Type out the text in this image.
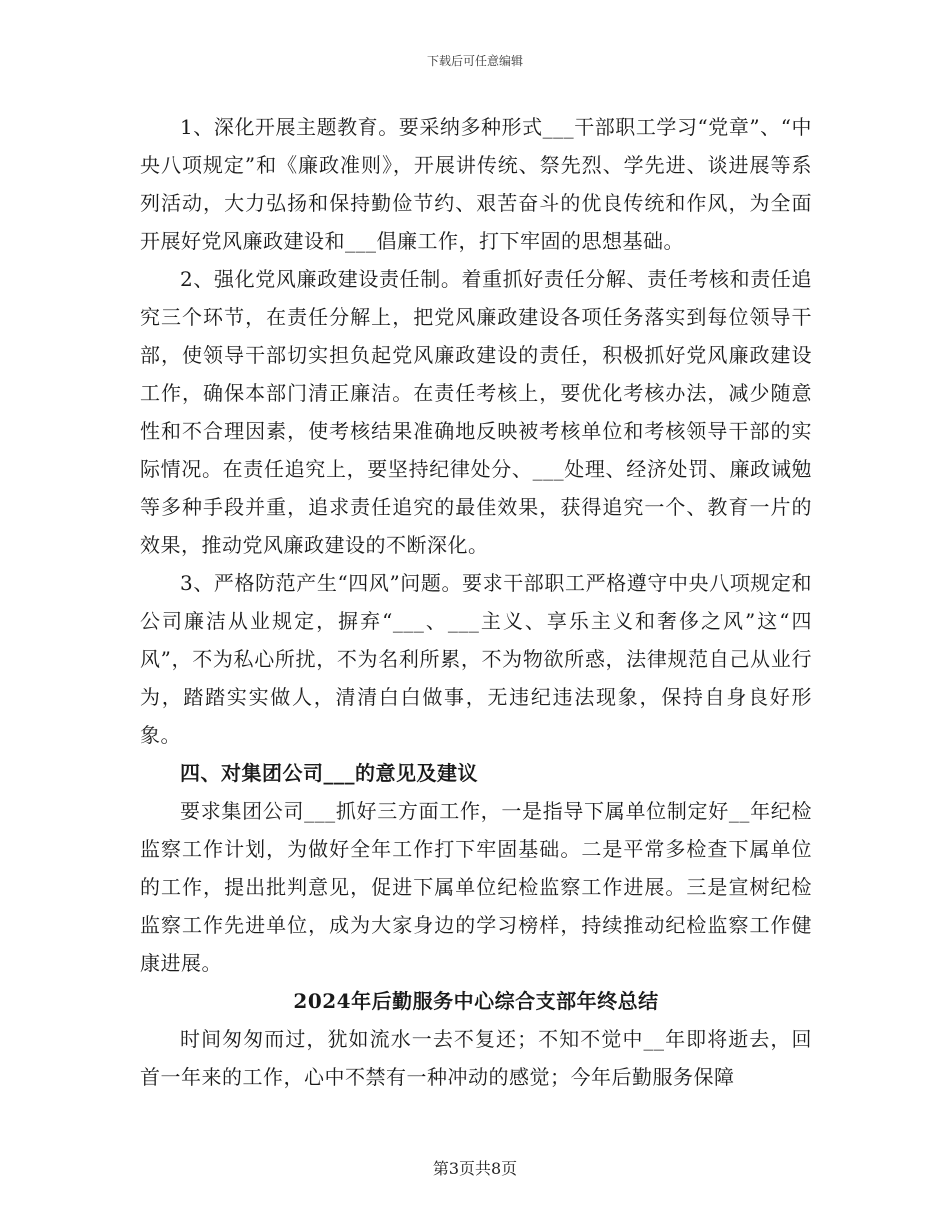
下载后可任意编辑

1、深化开展主题教育。要采纳多种形式___干部职工学习“党章”、“中央八项规定”和《廉政准则》，开展讲传统、祭先烈、学先进、谈进展等系列活动，大力弘扬和保持勤俭节约、艰苦奋斗的优良传统和作风，为全面开展好党风廉政建设和___倡廉工作，打下牢固的思想基础。

2、强化党风廉政建设责任制。着重抓好责任分解、责任考核和责任追究三个环节，在责任分解上，把党风廉政建设各项任务落实到每位领导干部，使领导干部切实担负起党风廉政建设的责任，积极抓好党风廉政建设工作，确保本部门清正廉洁。在责任考核上，要优化考核办法，减少随意性和不合理因素，使考核结果准确地反映被考核单位和考核领导干部的实际情况。在责任追究上，要坚持纪律处分、___处理、经济处罚、廉政诫勉等多种手段并重，追求责任追究的最佳效果，获得追究一个、教育一片的效果，推动党风廉政建设的不断深化。

3、严格防范产生“四风”问题。要求干部职工严格遵守中央八项规定和公司廉洁从业规定，摒弃“___、___主义、享乐主义和奢侈之风”这“四风”，不为私心所扰，不为名利所累，不为物欲所惑，法律规范自己从业行为，踏踏实实做人，清清白白做事，无违纪违法现象，保持自身良好形象。

四、对集团公司___的意见及建议

要求集团公司___抓好三方面工作，一是指导下属单位制定好__年纪检监察工作计划，为做好全年工作打下牢固基础。二是平常多检查下属单位的工作，提出批判意见，促进下属单位纪检监察工作进展。三是宣树纪检监察工作先进单位，成为大家身边的学习榜样，持续推动纪检监察工作健康进展。

2024年后勤服务中心综合支部年终总结

时间匆匆而过，犹如流水一去不复还；不知不觉中__年即将逝去，回首一年来的工作，心中不禁有一种冲动的感觉；今年后勤服务保障

第3页共8页
